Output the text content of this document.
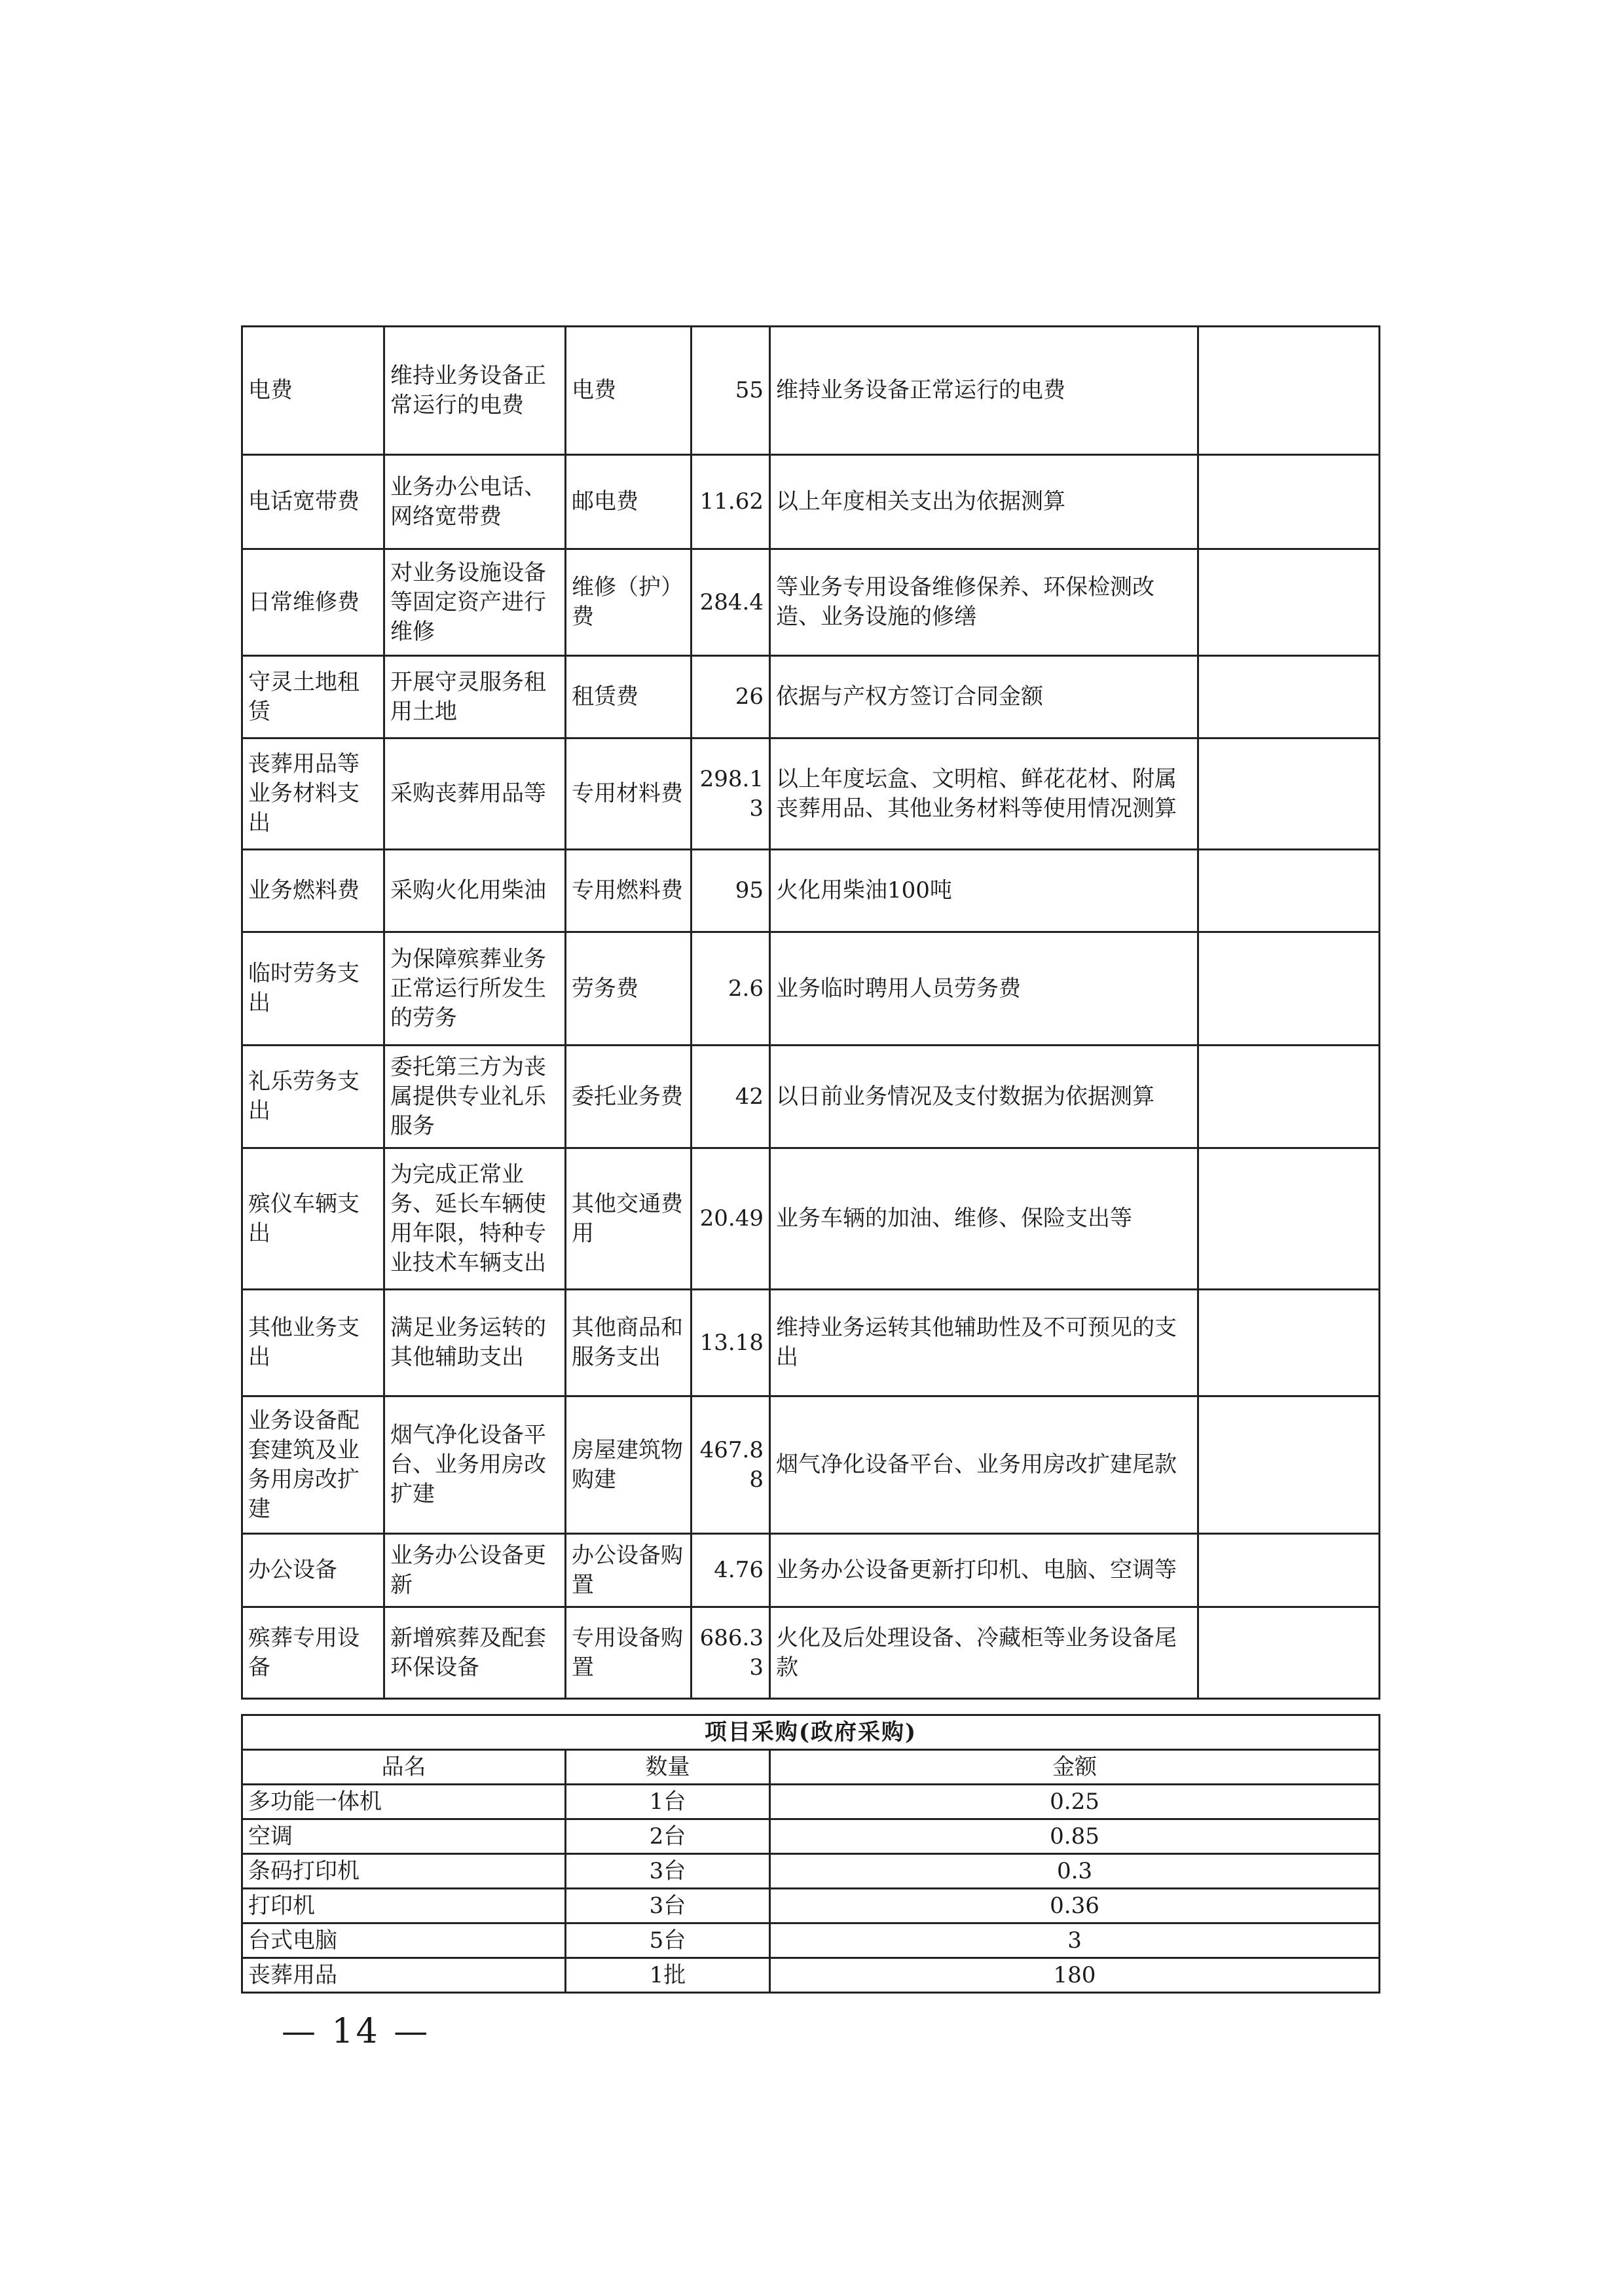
电费	维持业务设备正常运行的电费	电费	55	维持业务设备正常运行的电费	
电话宽带费	业务办公电话、网络宽带费	邮电费	11.62	以上年度相关支出为依据测算	
日常维修费	对业务设施设备等固定资产进行维修	维修（护）费	284.4	等业务专用设备维修保养、环保检测改造、业务设施的修缮	
守灵土地租赁	开展守灵服务租用土地	租赁费	26	依据与产权方签订合同金额	
丧葬用品等业务材料支出	采购丧葬用品等	专用材料费	298.13	以上年度坛盒、文明棺、鲜花花材、附属丧葬用品、其他业务材料等使用情况测算	
业务燃料费	采购火化用柴油	专用燃料费	95	火化用柴油100吨	
临时劳务支出	为保障殡葬业务正常运行所发生的劳务	劳务费	2.6	业务临时聘用人员劳务费	
礼乐劳务支出	委托第三方为丧属提供专业礼乐服务	委托业务费	42	以日前业务情况及支付数据为依据测算	
殡仪车辆支出	为完成正常业务、延长车辆使用年限，特种专业技术车辆支出	其他交通费用	20.49	业务车辆的加油、维修、保险支出等	
其他业务支出	满足业务运转的其他辅助支出	其他商品和服务支出	13.18	维持业务运转其他辅助性及不可预见的支出	
业务设备配套建筑及业务用房改扩建	烟气净化设备平台、业务用房改扩建	房屋建筑物购建	467.88	烟气净化设备平台、业务用房改扩建尾款	
办公设备	业务办公设备更新	办公设备购置	4.76	业务办公设备更新打印机、电脑、空调等	
殡葬专用设备	新增殡葬及配套环保设备	专用设备购置	686.33	火化及后处理设备、冷藏柜等业务设备尾款	
项目采购(政府采购)		
品名	数量	金额
多功能一体机	1台	0.25
空调	2台	0.85
条码打印机	3台	0.3
打印机	3台	0.36
台式电脑	5台	3
丧葬用品	1批	180
— 14 —
